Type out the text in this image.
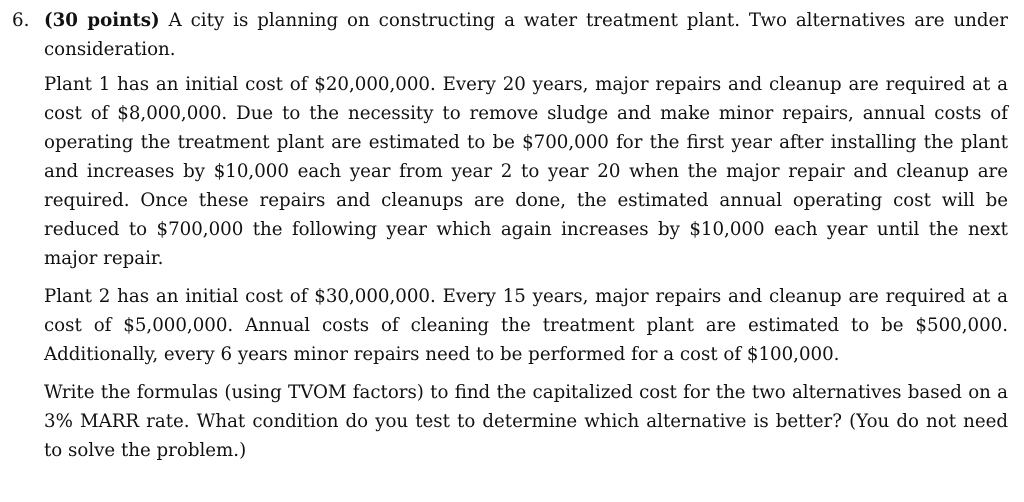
6. (30 points) A city is planning on constructing a water treatment plant. Two alternatives are under consideration.

Plant 1 has an initial cost of $20,000,000. Every 20 years, major repairs and cleanup are required at a cost of $8,000,000. Due to the necessity to remove sludge and make minor repairs, annual costs of operating the treatment plant are estimated to be $700,000 for the first year after installing the plant and increases by $10,000 each year from year 2 to year 20 when the major repair and cleanup are required. Once these repairs and cleanups are done, the estimated annual operating cost will be reduced to $700,000 the following year which again increases by $10,000 each year until the next major repair.

Plant 2 has an initial cost of $30,000,000. Every 15 years, major repairs and cleanup are required at a cost of $5,000,000. Annual costs of cleaning the treatment plant are estimated to be $500,000. Additionally, every 6 years minor repairs need to be performed for a cost of $100,000.

Write the formulas (using TVOM factors) to find the capitalized cost for the two alternatives based on a 3% MARR rate. What condition do you test to determine which alternative is better? (You do not need to solve the problem.)
